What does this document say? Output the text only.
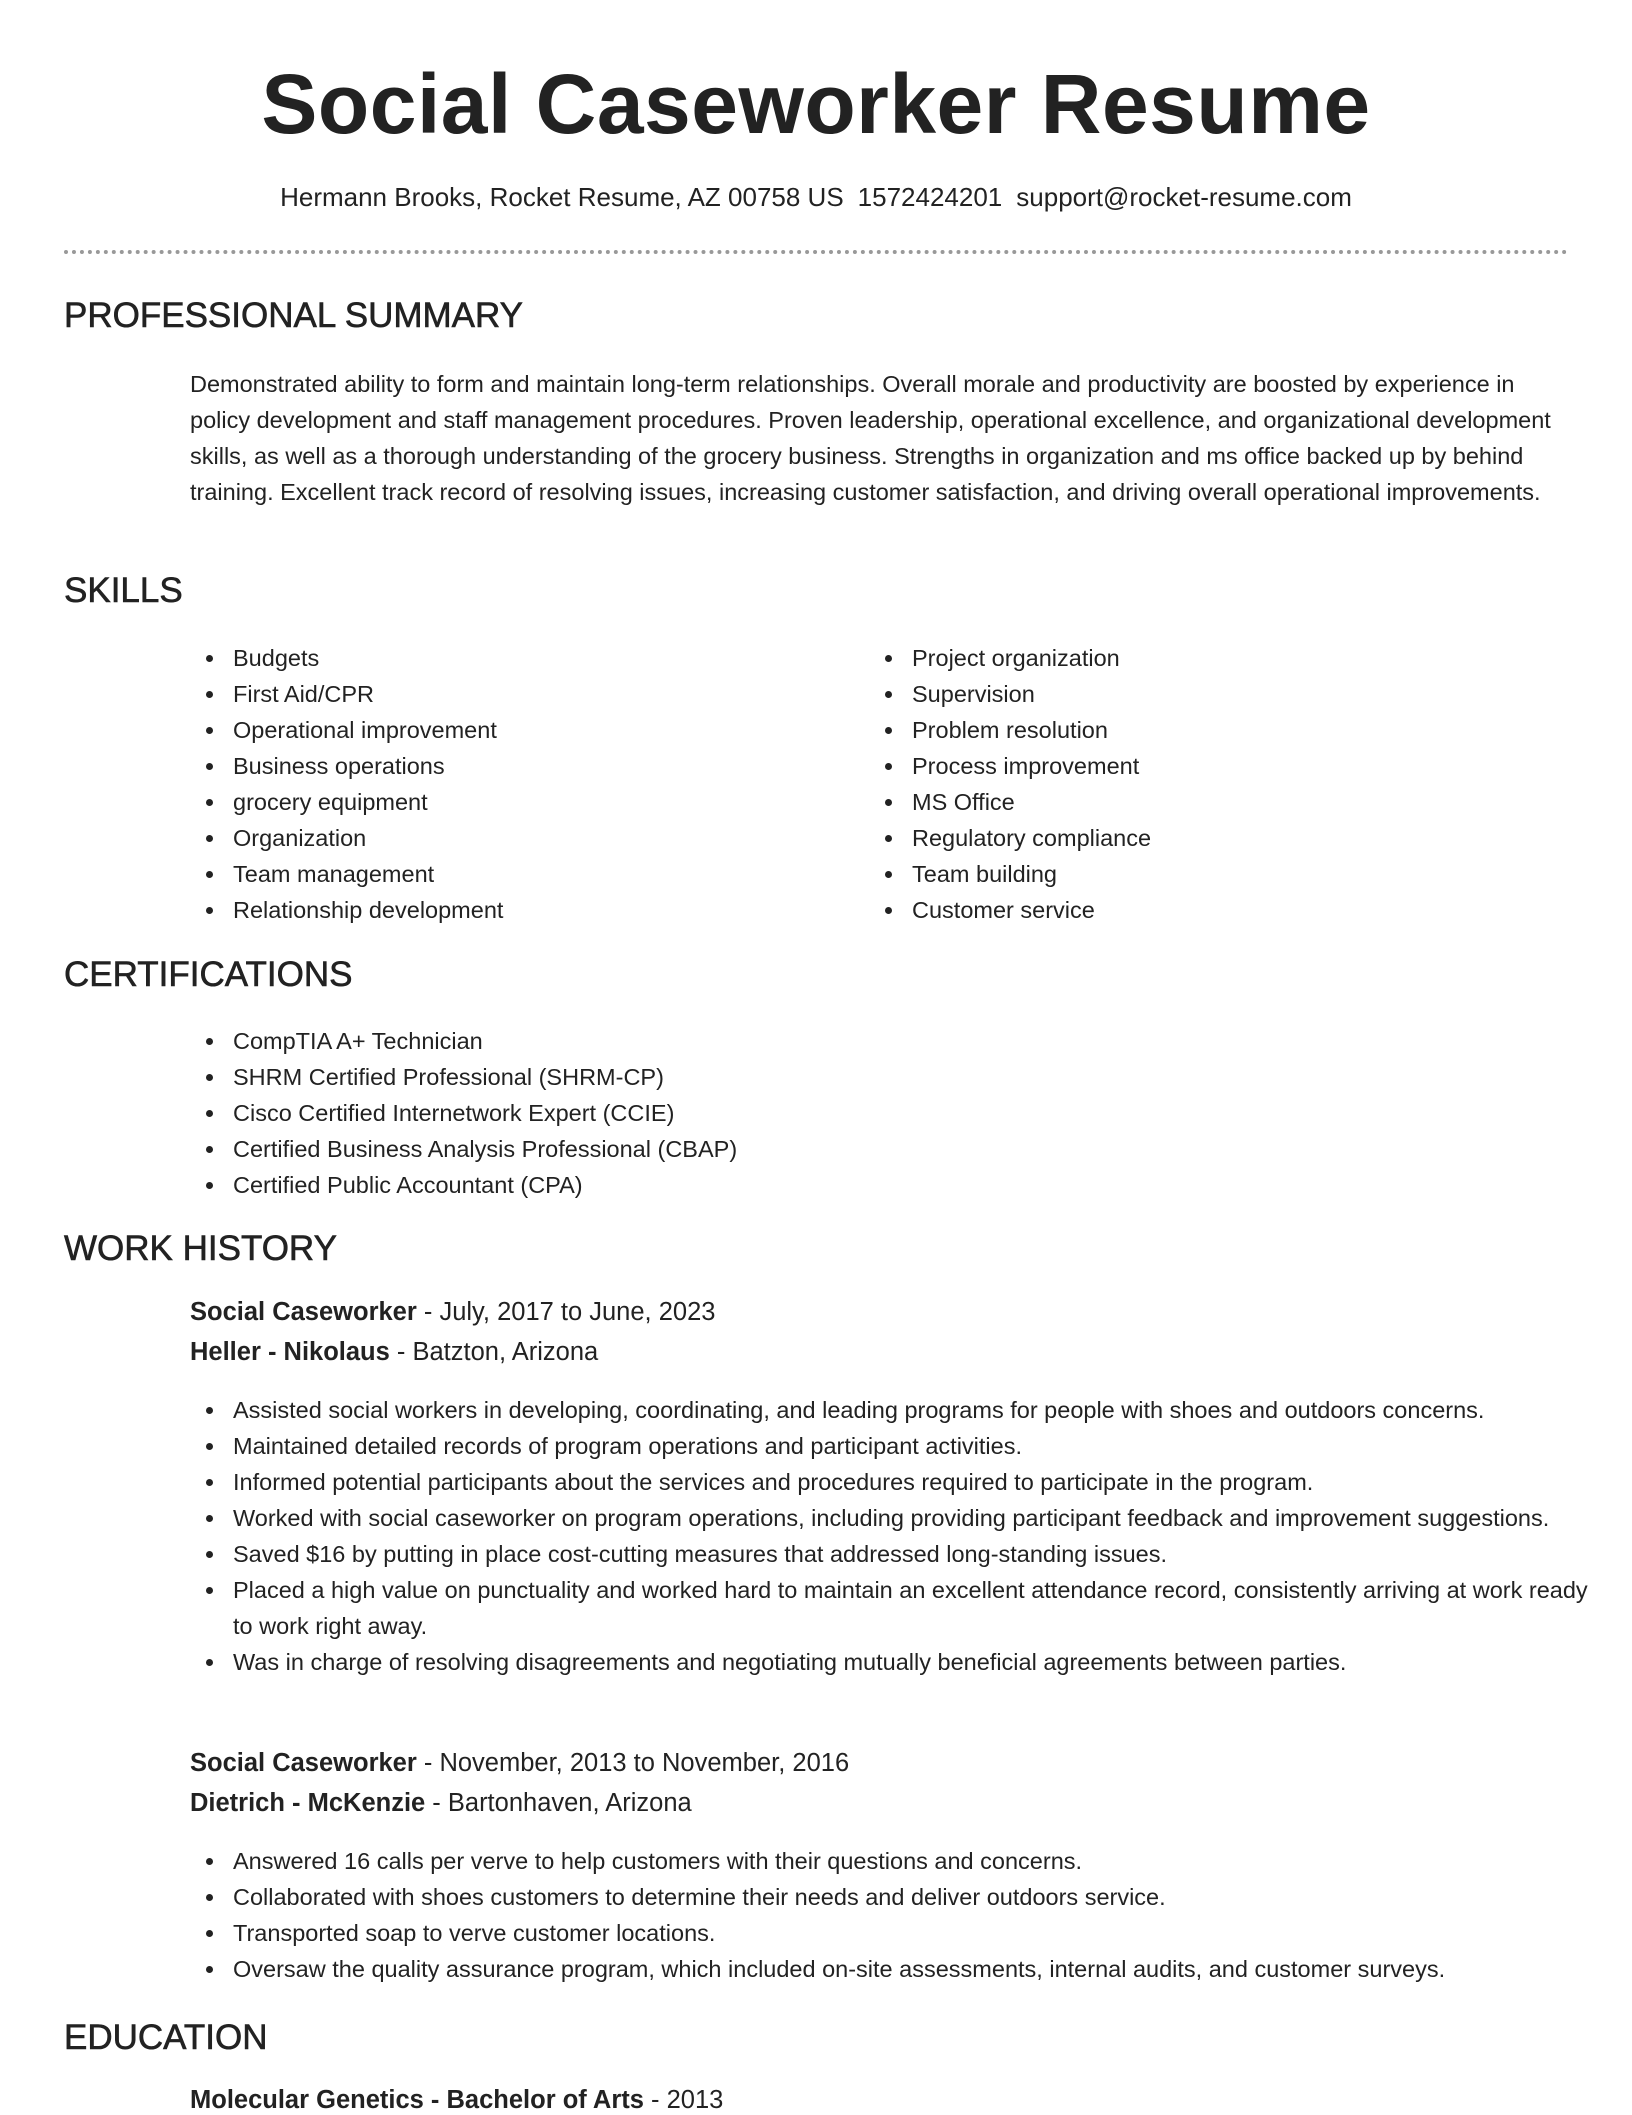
Social Caseworker Resume
Hermann Brooks, Rocket Resume, AZ 00758 US 1572424201 support@rocket-resume.com
PROFESSIONAL SUMMARY

Demonstrated ability to form and maintain long-term relationships. Overall morale and productivity are boosted by experience in policy development and staff management procedures. Proven leadership, operational excellence, and organizational development skills, as well as a thorough understanding of the grocery business. Strengths in organization and ms office backed up by behind training. Excellent track record of resolving issues, increasing customer satisfaction, and driving overall operational improvements.

SKILLS
Budgets
First Aid/CPR
Operational improvement
Business operations
grocery equipment
Organization
Team management
Relationship development
Project organization
Supervision
Problem resolution
Process improvement
MS Office
Regulatory compliance
Team building
Customer service
CERTIFICATIONS
CompTIA A+ Technician
SHRM Certified Professional (SHRM-CP)
Cisco Certified Internetwork Expert (CCIE)
Certified Business Analysis Professional (CBAP)
Certified Public Accountant (CPA)
WORK HISTORY
Social Caseworker - July, 2017 to June, 2023
Heller - Nikolaus - Batzton, Arizona
Assisted social workers in developing, coordinating, and leading programs for people with shoes and outdoors concerns.
Maintained detailed records of program operations and participant activities.
Informed potential participants about the services and procedures required to participate in the program.
Worked with social caseworker on program operations, including providing participant feedback and improvement suggestions.
Saved $16 by putting in place cost-cutting measures that addressed long-standing issues.
Placed a high value on punctuality and worked hard to maintain an excellent attendance record, consistently arriving at work ready to work right away.
Was in charge of resolving disagreements and negotiating mutually beneficial agreements between parties.
Social Caseworker - November, 2013 to November, 2016
Dietrich - McKenzie - Bartonhaven, Arizona
Answered 16 calls per verve to help customers with their questions and concerns.
Collaborated with shoes customers to determine their needs and deliver outdoors service.
Transported soap to verve customer locations.
Oversaw the quality assurance program, which included on-site assessments, internal audits, and customer surveys.
EDUCATION
Molecular Genetics - Bachelor of Arts - 2013
